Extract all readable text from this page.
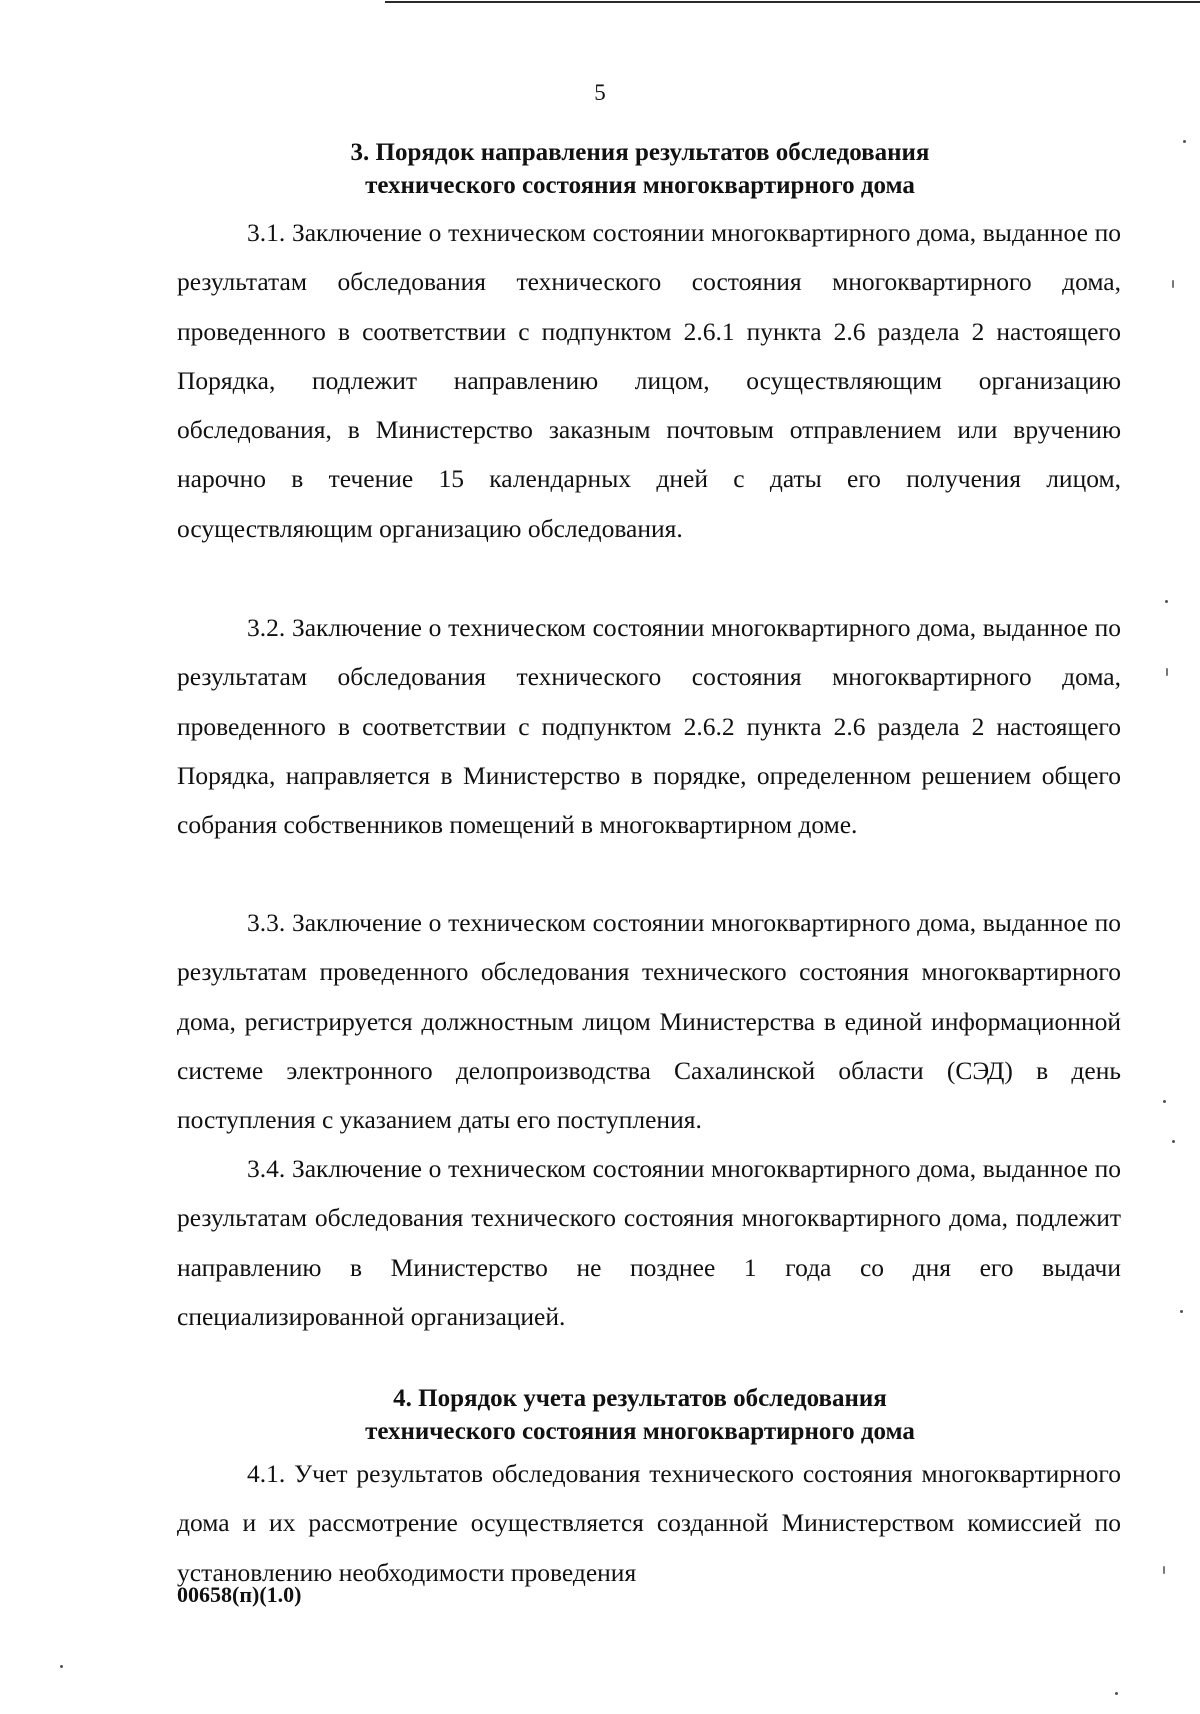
5
3. Порядок направления результатов обследования
технического состояния многоквартирного дома

3.1. Заключение о техническом состоянии многоквартирного дома, выданное по результатам обследования технического состояния многоквартирного дома, проведенного в соответствии с подпунктом 2.6.1 пункта 2.6 раздела 2 настоящего Порядка, подлежит направлению лицом, осуществляющим организацию обследования, в Министерство заказным почтовым отправлением или вручению нарочно в течение 15 календарных дней с даты его получения лицом, осуществляющим организацию обследования.

3.2. Заключение о техническом состоянии многоквартирного дома, выданное по результатам обследования технического состояния многоквартирного дома, проведенного в соответствии с подпунктом 2.6.2 пункта 2.6 раздела 2 настоящего Порядка, направляется в Министерство в порядке, определенном решением общего собрания собственников помещений в многоквартирном доме.

3.3. Заключение о техническом состоянии многоквартирного дома, выданное по результатам проведенного обследования технического состояния многоквартирного дома, регистрируется должностным лицом Министерства в единой информационной системе электронного делопроизводства Сахалинской области (СЭД) в день поступления с указанием даты его поступления.

3.4. Заключение о техническом состоянии многоквартирного дома, выданное по результатам обследования технического состояния многоквартирного дома, подлежит направлению в Министерство не позднее 1 года со дня его выдачи специализированной организацией.

4. Порядок учета результатов обследования
технического состояния многоквартирного дома

4.1. Учет результатов обследования технического состояния многоквартирного дома и их рассмотрение осуществляется созданной Министерством комиссией по установлению необходимости проведения

00658(п)(1.0)
